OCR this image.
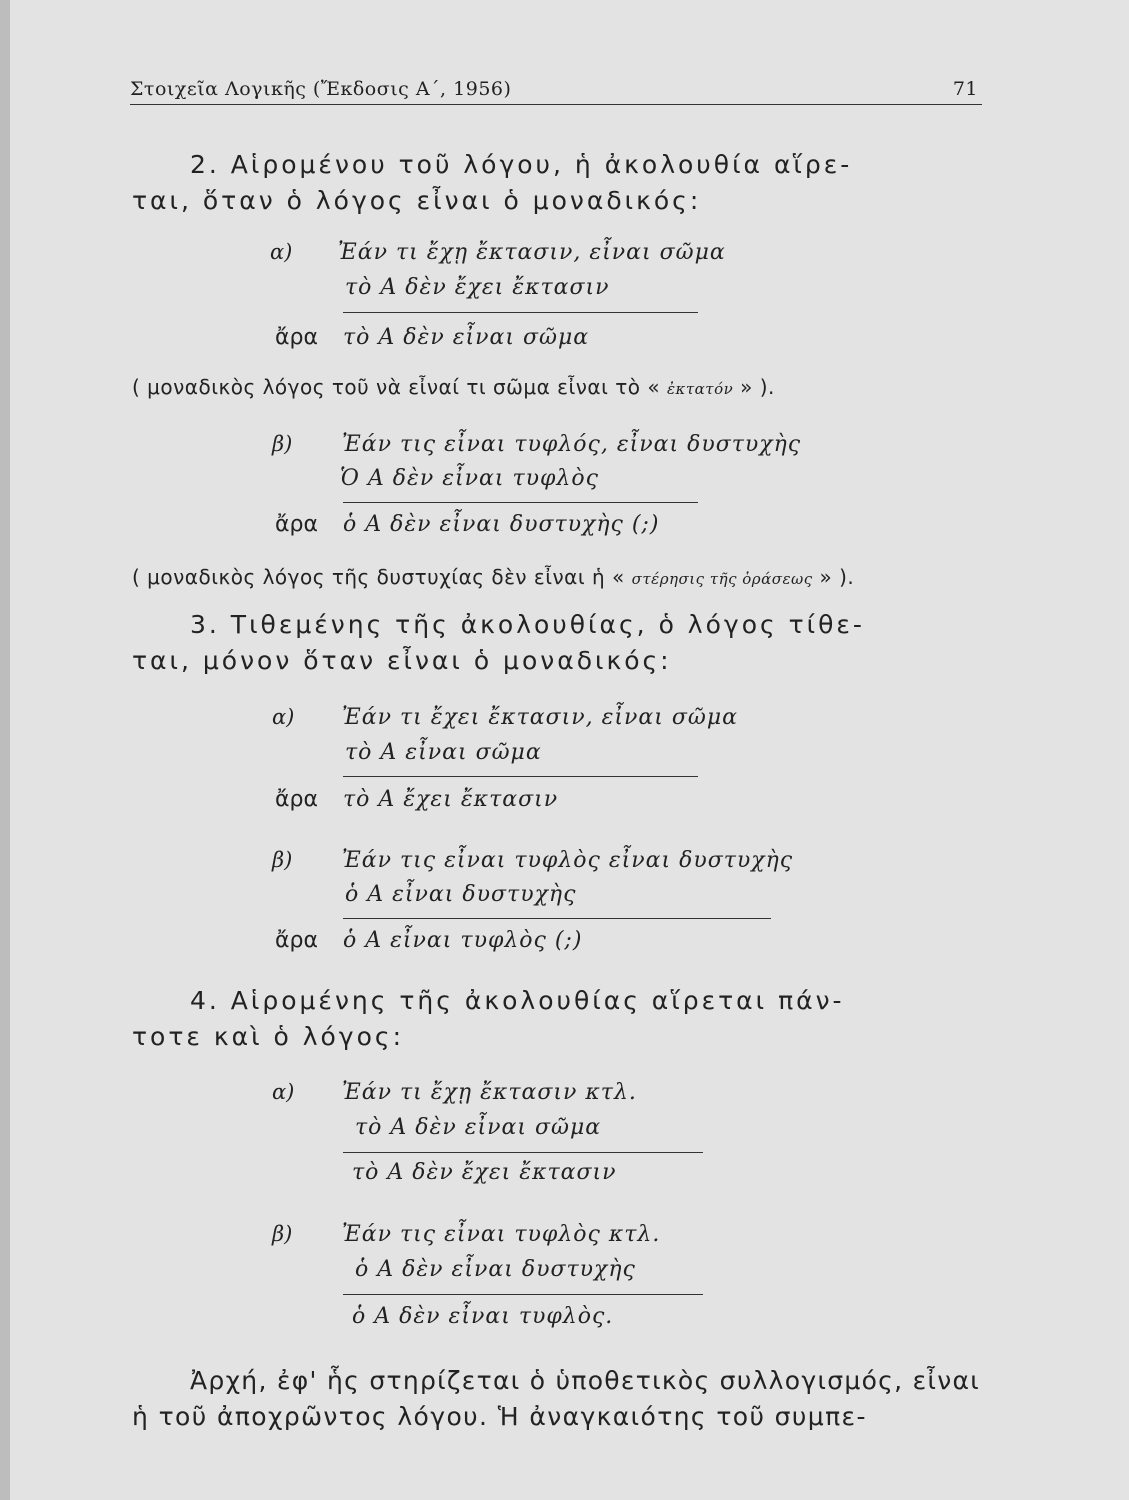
Στοιχεῖα Λογικῆς (Ἔκδοσις Α΄, 1956)	71
2. Αἱρομένου τοῦ λόγου, ἡ ἀκολουθία αἵρε-
ται, ὅταν ὁ λόγος εἶναι ὁ μοναδικός:
α) Ἐάν τι ἔχῃ ἔκτασιν, εἶναι σῶμα
τὸ Α δὲν ἔχει ἔκτασιν
ἄρα τὸ Α δὲν εἶναι σῶμα
( μοναδικὸς λόγος τοῦ νὰ εἶναί τι σῶμα εἶναι τὸ « ἐκτατόν » ).
β) Ἐάν τις εἶναι τυφλός, εἶναι δυστυχὴς
Ὁ Α δὲν εἶναι τυφλὸς
ἄρα ὁ Α δὲν εἶναι δυστυχὴς (;)
( μοναδικὸς λόγος τῆς δυστυχίας δὲν εἶναι ἡ « στέρησις τῆς ὁράσεως » ).
3. Τιθεμένης τῆς ἀκολουθίας, ὁ λόγος τίθε-
ται, μόνον ὅταν εἶναι ὁ μοναδικός:
α) Ἐάν τι ἔχει ἔκτασιν, εἶναι σῶμα
τὸ Α εἶναι σῶμα
ἄρα τὸ Α ἔχει ἔκτασιν
β) Ἐάν τις εἶναι τυφλὸς εἶναι δυστυχὴς
ὁ Α εἶναι δυστυχὴς
ἄρα ὁ Α εἶναι τυφλὸς (;)
4. Αἱρομένης τῆς ἀκολουθίας αἵρεται πάν-
τοτε καὶ ὁ λόγος:
α) Ἐάν τι ἔχῃ ἔκτασιν κτλ.
τὸ Α δὲν εἶναι σῶμα
τὸ Α δὲν ἔχει ἔκτασιν
β) Ἐάν τις εἶναι τυφλὸς κτλ.
ὁ Α δὲν εἶναι δυστυχὴς
ὁ Α δὲν εἶναι τυφλὸς.
Ἀρχή, ἐφ' ἧς στηρίζεται ὁ ὑποθετικὸς συλλογισμός, εἶναι
ἡ τοῦ ἀποχρῶντος λόγου. Ἡ ἀναγκαιότης τοῦ συμπε-
